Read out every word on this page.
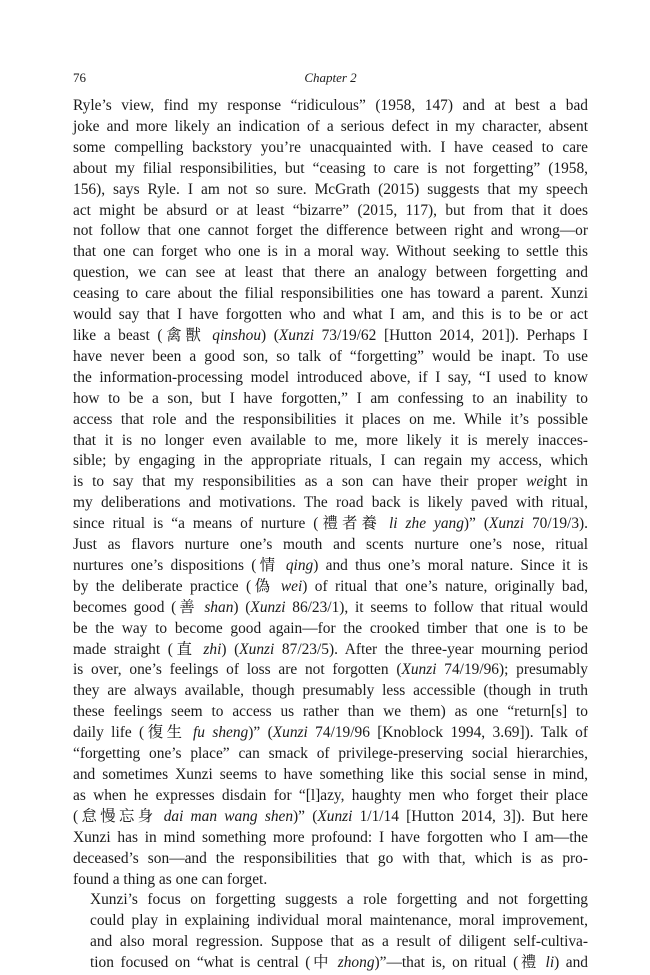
76	Chapter 2

Ryle’s view, find my response “ridiculous” (1958, 147) and at best a bad
joke and more likely an indication of a serious defect in my character, absent
some compelling backstory you’re unacquainted with. I have ceased to care
about my filial responsibilities, but “ceasing to care is not forgetting” (1958,
156), says Ryle. I am not so sure. McGrath (2015) suggests that my speech
act might be absurd or at least “bizarre” (2015, 117), but from that it does
not follow that one cannot forget the difference between right and wrong—or
that one can forget who one is in a moral way. Without seeking to settle this
question, we can see at least that there an analogy between forgetting and
ceasing to care about the filial responsibilities one has toward a parent. Xunzi
would say that I have forgotten who and what I am, and this is to be or act
like a beast (禽獸 qinshou) (Xunzi 73/19/62 [Hutton 2014, 201]). Perhaps I
have never been a good son, so talk of “forgetting” would be inapt. To use
the information-processing model introduced above, if I say, “I used to know
how to be a son, but I have forgotten,” I am confessing to an inability to
access that role and the responsibilities it places on me. While it’s possible
that it is no longer even available to me, more likely it is merely inacces-
sible; by engaging in the appropriate rituals, I can regain my access, which
is to say that my responsibilities as a son can have their proper weight in
my deliberations and motivations. The road back is likely paved with ritual,
since ritual is “a means of nurture (禮者養 li zhe yang)” (Xunzi 70/19/3).
Just as flavors nurture one’s mouth and scents nurture one’s nose, ritual
nurtures one’s dispositions (情 qing) and thus one’s moral nature. Since it is
by the deliberate practice (偽 wei) of ritual that one’s nature, originally bad,
becomes good (善 shan) (Xunzi 86/23/1), it seems to follow that ritual would
be the way to become good again—for the crooked timber that one is to be
made straight (直 zhi) (Xunzi 87/23/5). After the three-year mourning period
is over, one’s feelings of loss are not forgotten (Xunzi 74/19/96); presumably
they are always available, though presumably less accessible (though in truth
these feelings seem to access us rather than we them) as one “return[s] to
daily life (復生 fu sheng)” (Xunzi 74/19/96 [Knoblock 1994, 3.69]). Talk of
“forgetting one’s place” can smack of privilege-preserving social hierarchies,
and sometimes Xunzi seems to have something like this social sense in mind,
as when he expresses disdain for “[l]azy, haughty men who forget their place
(怠慢忘身 dai man wang shen)” (Xunzi 1/1/14 [Hutton 2014, 3]). But here
Xunzi has in mind something more profound: I have forgotten who I am—the
deceased’s son—and the responsibilities that go with that, which is as pro-
found a thing as one can forget.

Xunzi’s focus on forgetting suggests a role forgetting and not forgetting
could play in explaining individual moral maintenance, moral improvement,
and also moral regression. Suppose that as a result of diligent self-cultiva-
tion focused on “what is central (中 zhong)”—that is, on ritual (禮 li) and
